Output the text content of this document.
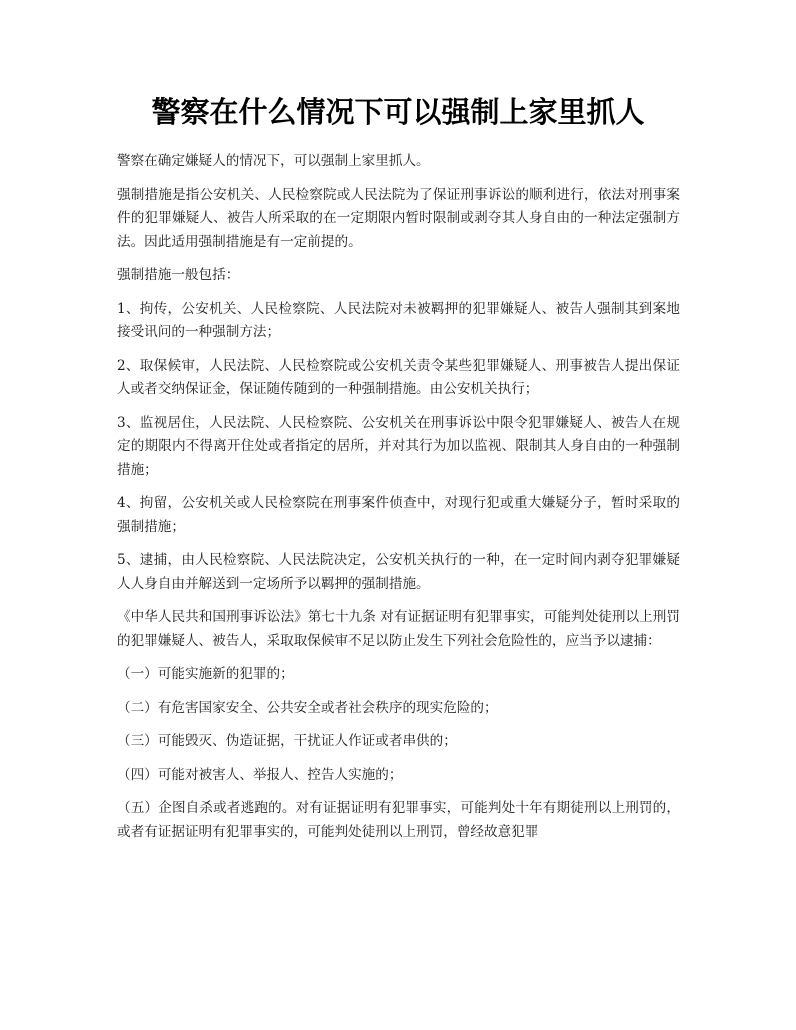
警察在什么情况下可以强制上家里抓人

警察在确定嫌疑人的情况下，可以强制上家里抓人。

强制措施是指公安机关、人民检察院或人民法院为了保证刑事诉讼的顺利进行，依法对刑事案件的犯罪嫌疑人、被告人所采取的在一定期限内暂时限制或剥夺其人身自由的一种法定强制方法。因此适用强制措施是有一定前提的。

强制措施一般包括：

1、拘传，公安机关、人民检察院、人民法院对未被羁押的犯罪嫌疑人、被告人强制其到案地接受讯问的一种强制方法；

2、取保候审，人民法院、人民检察院或公安机关责令某些犯罪嫌疑人、刑事被告人提出保证人或者交纳保证金，保证随传随到的一种强制措施。由公安机关执行；

3、监视居住，人民法院、人民检察院、公安机关在刑事诉讼中限令犯罪嫌疑人、被告人在规定的期限内不得离开住处或者指定的居所，并对其行为加以监视、限制其人身自由的一种强制措施；

4、拘留，公安机关或人民检察院在刑事案件侦查中，对现行犯或重大嫌疑分子，暂时采取的强制措施；

5、逮捕，由人民检察院、人民法院决定，公安机关执行的一种，在一定时间内剥夺犯罪嫌疑人人身自由并解送到一定场所予以羁押的强制措施。

《中华人民共和国刑事诉讼法》第七十九条 对有证据证明有犯罪事实，可能判处徒刑以上刑罚的犯罪嫌疑人、被告人，采取取保候审不足以防止发生下列社会危险性的，应当予以逮捕：

（一）可能实施新的犯罪的；

（二）有危害国家安全、公共安全或者社会秩序的现实危险的；

（三）可能毁灭、伪造证据，干扰证人作证或者串供的；

（四）可能对被害人、举报人、控告人实施的；

（五）企图自杀或者逃跑的。对有证据证明有犯罪事实，可能判处十年有期徒刑以上刑罚的，或者有证据证明有犯罪事实的，可能判处徒刑以上刑罚，曾经故意犯罪
